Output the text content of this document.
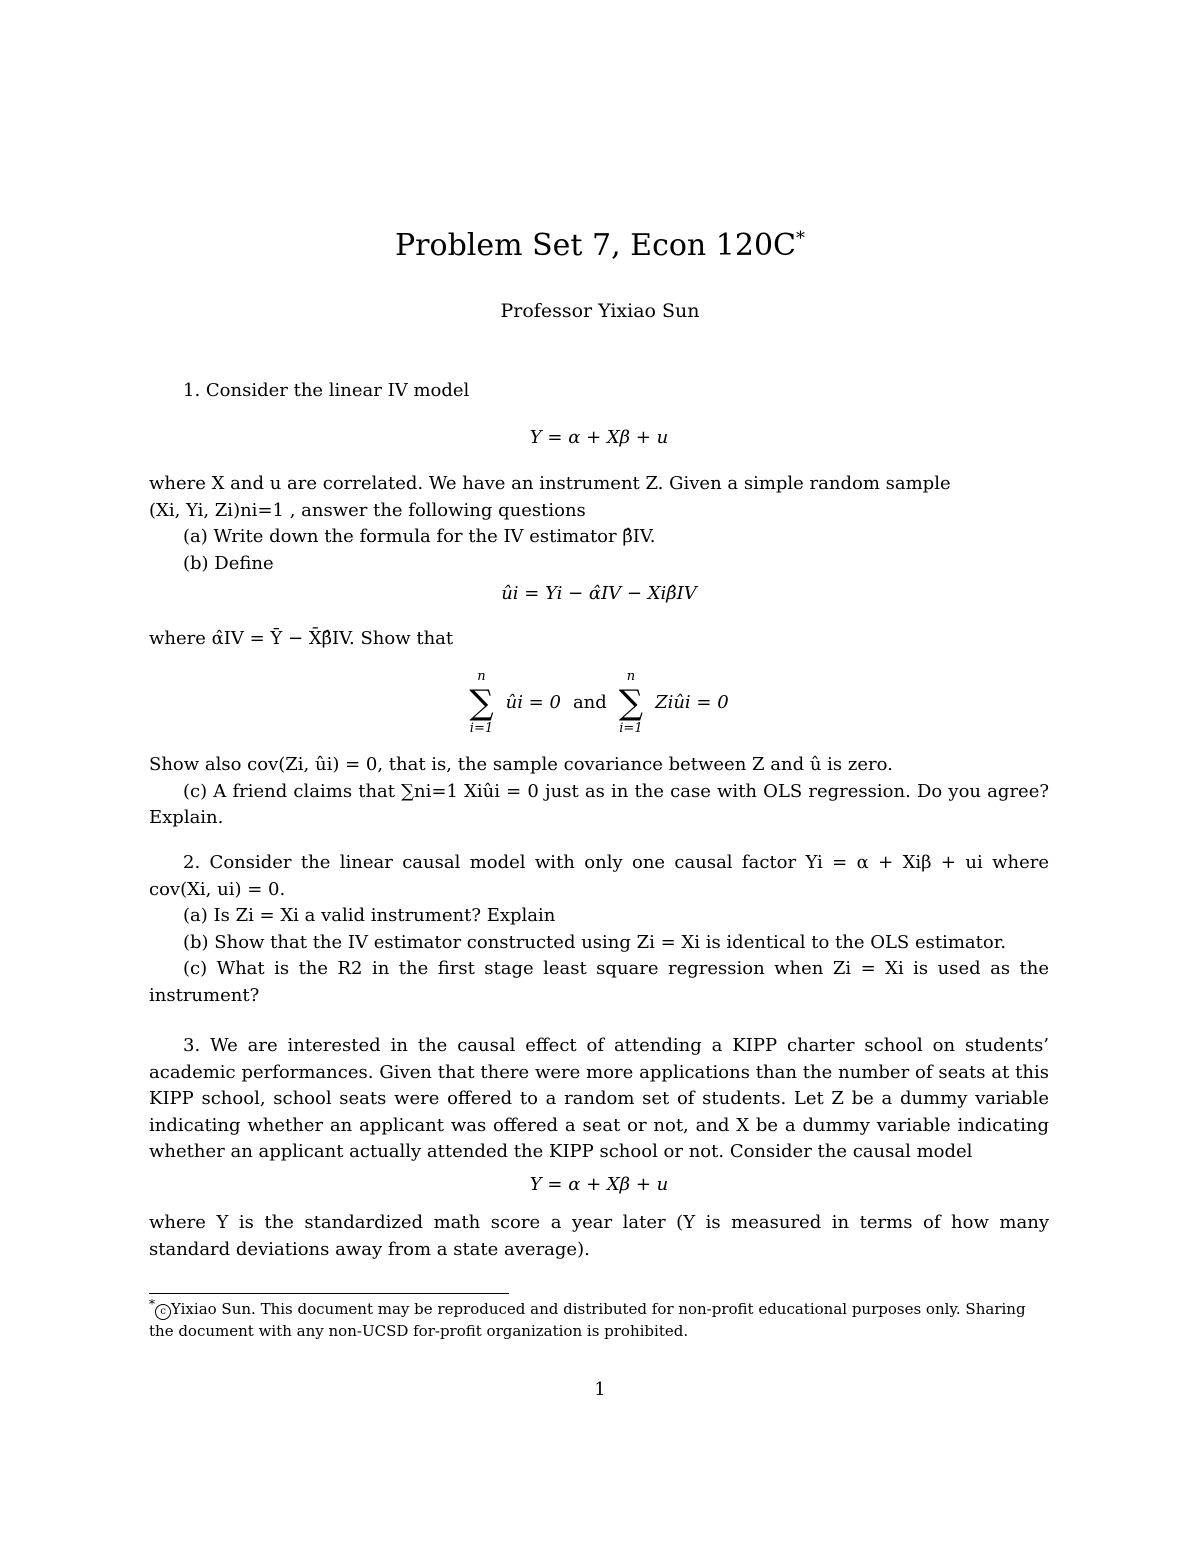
Problem Set 7, Econ 120C*
Professor Yixiao Sun

1. Consider the linear IV model

Y = α + Xβ + u

where X and u are correlated. We have an instrument Z. Given a simple random sample

(Xi, Yi, Zi)ni=1 , answer the following questions

(a) Write down the formula for the IV estimator β̂IV.

(b) Define

ûi = Yi − α̂IV − Xiβ̂IV

where α̂IV = Ȳ − X̄β̂IV. Show that

n
∑
i=1
ûi = 0 and
n
∑
i=1
Ziûi = 0

Show also cov(Zi, ûi) = 0, that is, the sample covariance between Z and û is zero.

(c) A friend claims that ∑ni=1 Xiûi = 0 just as in the case with OLS regression. Do you agree? Explain.

2. Consider the linear causal model with only one causal factor Yi = α + Xiβ + ui where cov(Xi, ui) = 0.

(a) Is Zi = Xi a valid instrument? Explain

(b) Show that the IV estimator constructed using Zi = Xi is identical to the OLS estimator.

(c) What is the R2 in the first stage least square regression when Zi = Xi is used as the instrument?

3. We are interested in the causal effect of attending a KIPP charter school on students’ academic performances. Given that there were more applications than the number of seats at this KIPP school, school seats were offered to a random set of students. Let Z be a dummy variable indicating whether an applicant was offered a seat or not, and X be a dummy variable indicating whether an applicant actually attended the KIPP school or not. Consider the causal model

Y = α + Xβ + u

where Y is the standardized math score a year later (Y is measured in terms of how many standard deviations away from a state average).

*c Yixiao Sun. This document may be reproduced and distributed for non-profit educational purposes only. Sharing the document with any non-UCSD for-profit organization is prohibited.
1
